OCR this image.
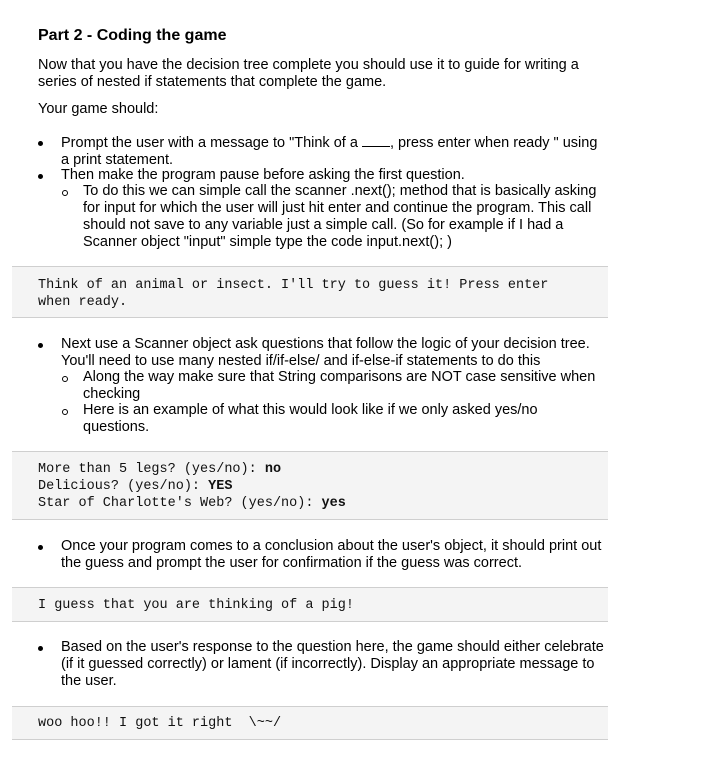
Part 2 - Coding the game

Now that you have the decision tree complete you should use it to guide for writing a series of nested if statements that complete the game.

Your game should:

Prompt the user with a message to "Think of a , press enter when ready " using a print statement.

Then make the program pause before asking the first question.

To do this we can simple call the scanner .next(); method that is basically asking for input for which the user will just hit enter and continue the program. This call should not save to any variable just a simple call. (So for example if I had a Scanner object "input" simple type the code input.next(); )

Think of an animal or insect. I'll try to guess it! Press enter when ready.

Next use a Scanner object ask questions that follow the logic of your decision tree. You'll need to use many nested if/if-else/ and if-else-if statements to do this

Along the way make sure that String comparisons are NOT case sensitive when checking

Here is an example of what this would look like if we only asked yes/no questions.

More than 5 legs? (yes/no): no
Delicious? (yes/no): YES
Star of Charlotte's Web? (yes/no): yes

Once your program comes to a conclusion about the user's object, it should print out the guess and prompt the user for confirmation if the guess was correct.

I guess that you are thinking of a pig!

Based on the user's response to the question here, the game should either celebrate (if it guessed correctly) or lament (if incorrectly). Display an appropriate message to the user.

woo hoo!! I got it right  \~~/
